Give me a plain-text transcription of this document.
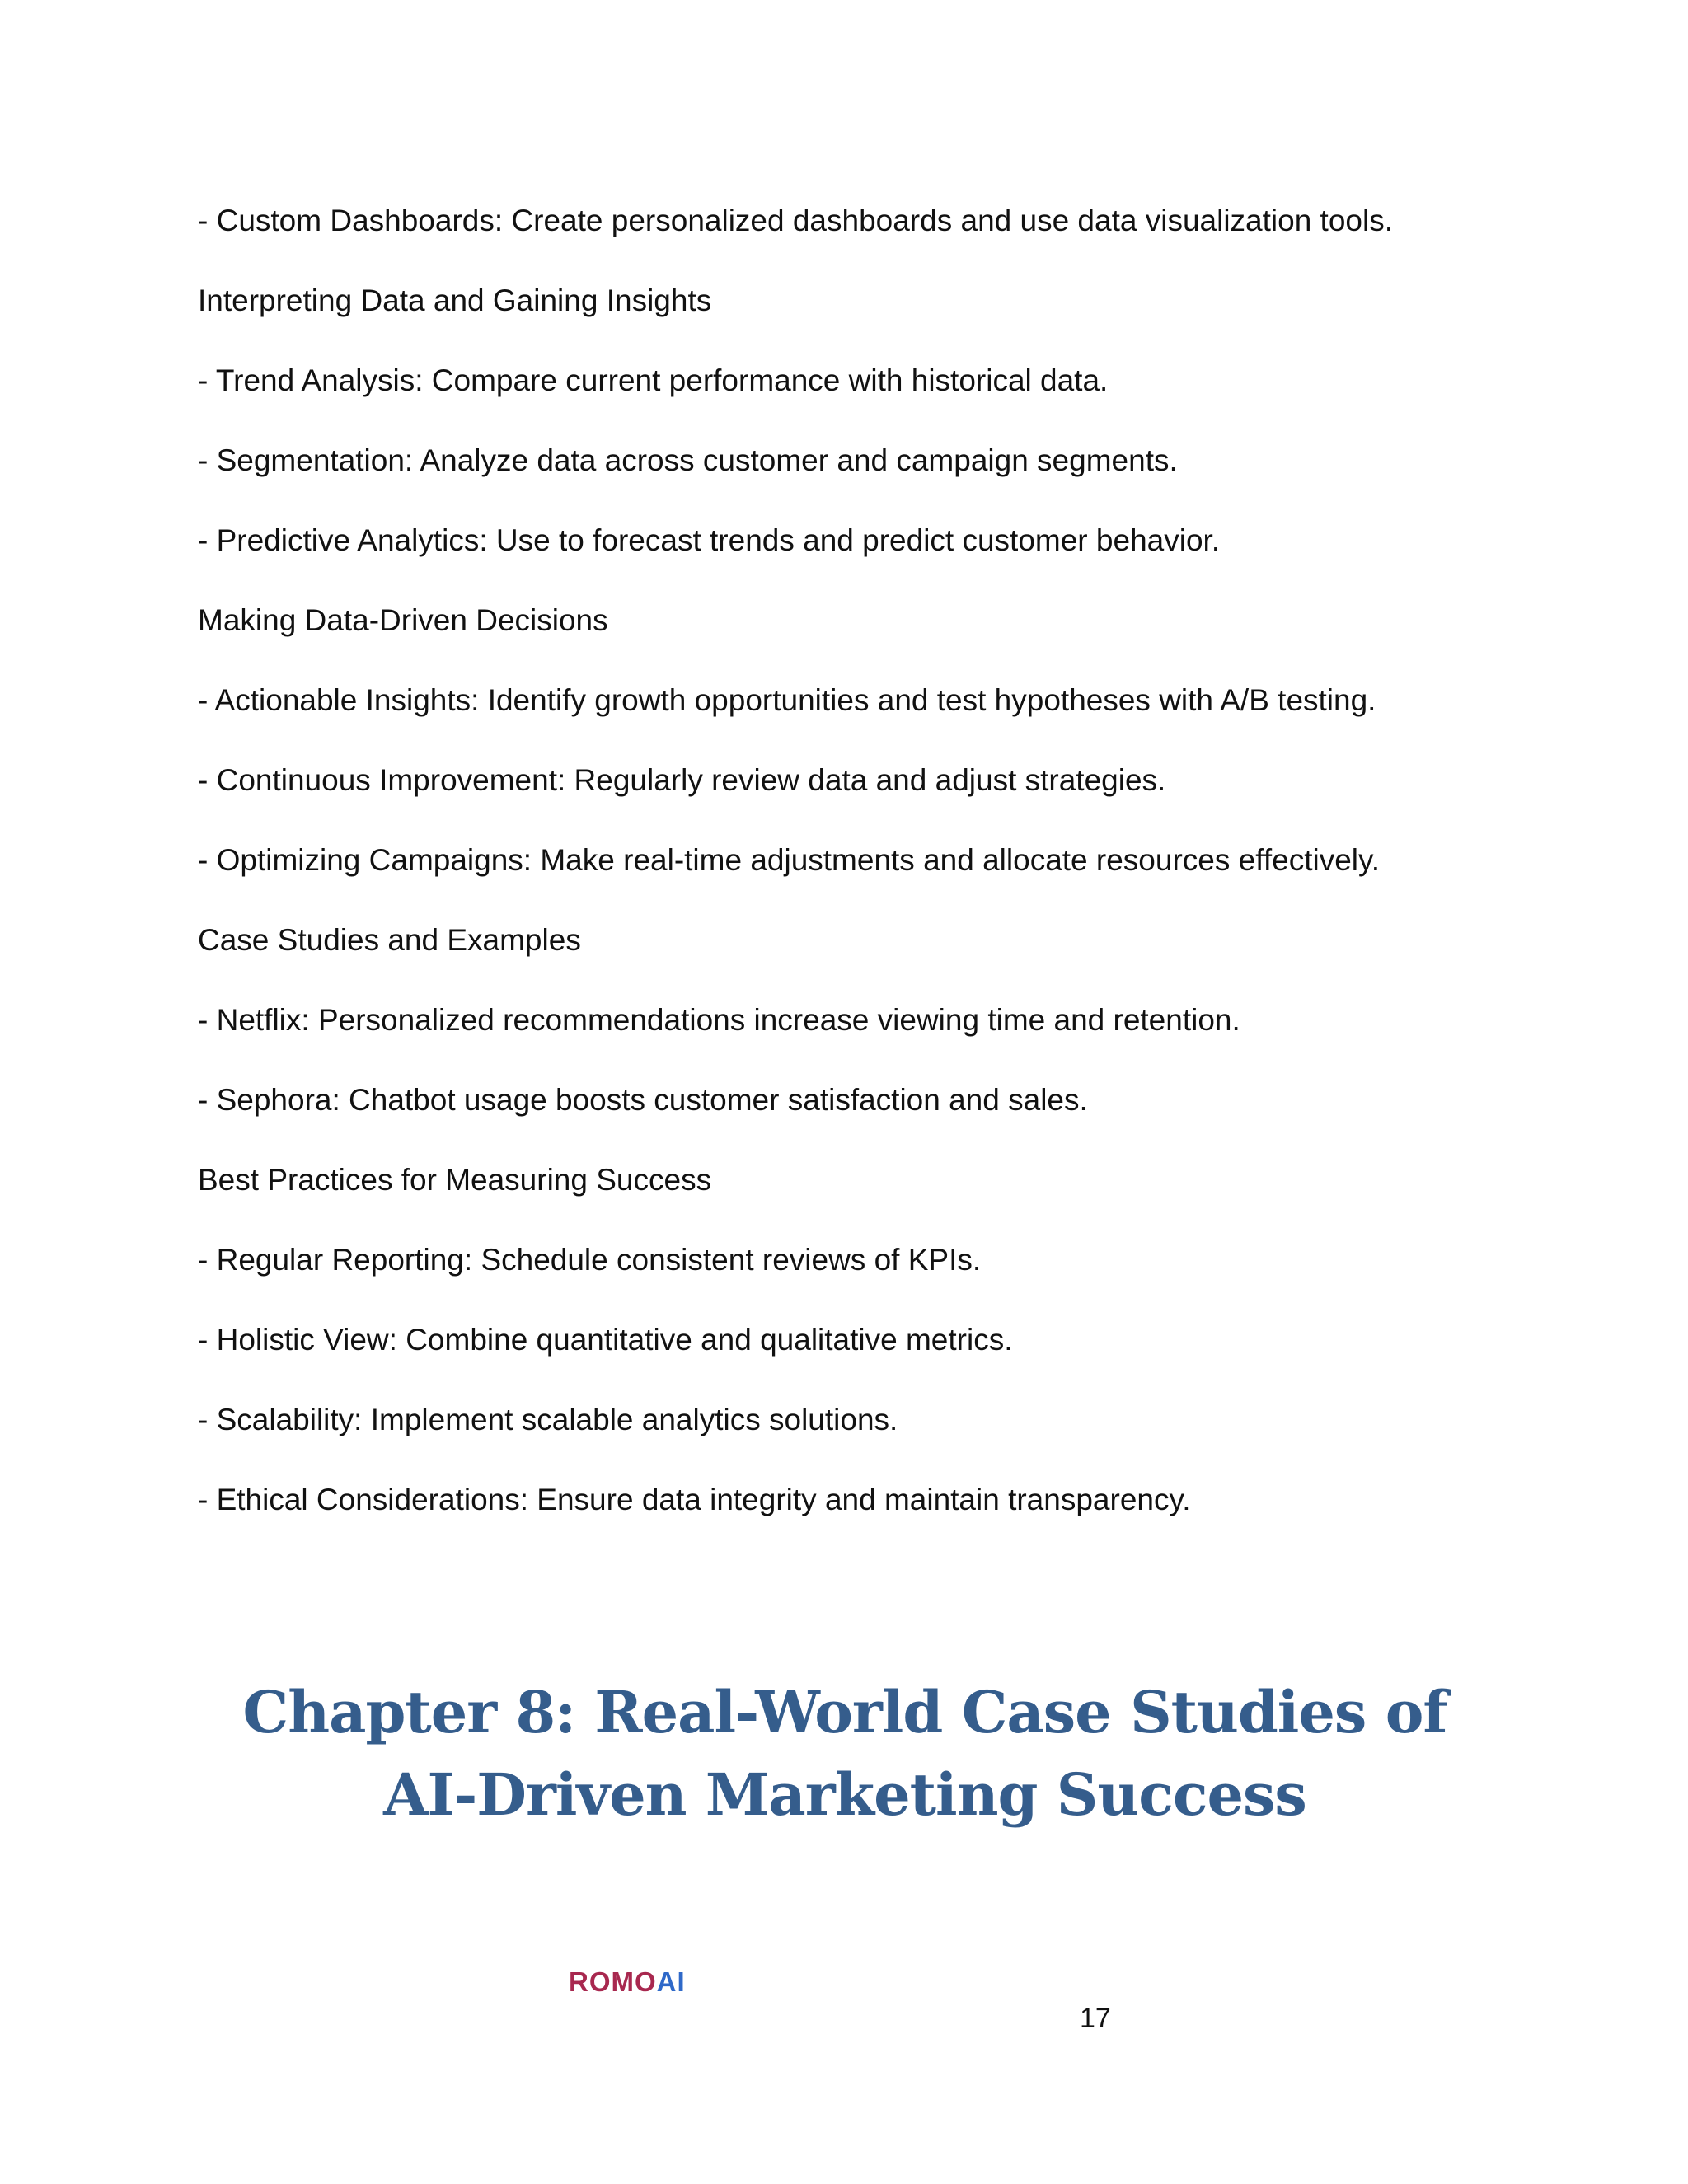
- Custom Dashboards: Create personalized dashboards and use data visualization tools.

Interpreting Data and Gaining Insights

- Trend Analysis: Compare current performance with historical data.

- Segmentation: Analyze data across customer and campaign segments.

- Predictive Analytics: Use to forecast trends and predict customer behavior.

Making Data-Driven Decisions

- Actionable Insights: Identify growth opportunities and test hypotheses with A/B testing.

- Continuous Improvement: Regularly review data and adjust strategies.

- Optimizing Campaigns: Make real-time adjustments and allocate resources effectively.

Case Studies and Examples

- Netflix: Personalized recommendations increase viewing time and retention.

- Sephora: Chatbot usage boosts customer satisfaction and sales.

Best Practices for Measuring Success

- Regular Reporting: Schedule consistent reviews of KPIs.

- Holistic View: Combine quantitative and qualitative metrics.

- Scalability: Implement scalable analytics solutions.

- Ethical Considerations: Ensure data integrity and maintain transparency.

Chapter 8: Real-World Case Studies of AI-Driven Marketing Success
ROMOAI
17
